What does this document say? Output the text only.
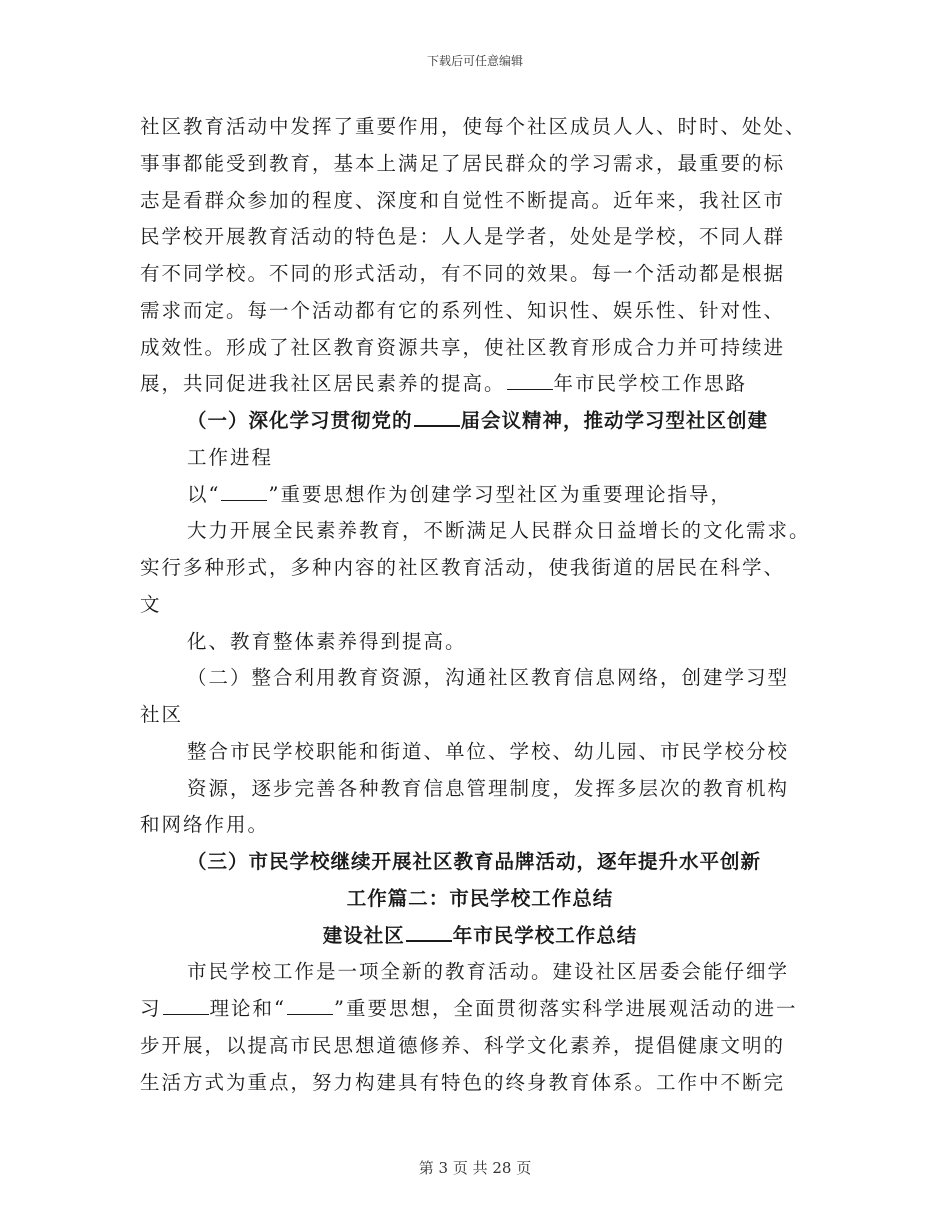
下载后可任意编辑
社区教育活动中发挥了重要作用，使每个社区成员人人、时时、处处、
事事都能受到教育，基本上满足了居民群众的学习需求，最重要的标
志是看群众参加的程度、深度和自觉性不断提高。近年来，我社区市
民学校开展教育活动的特色是：人人是学者，处处是学校，不同人群
有不同学校。不同的形式活动，有不同的效果。每一个活动都是根据
需求而定。每一个活动都有它的系列性、知识性、娱乐性、针对性、
成效性。形成了社区教育资源共享，使社区教育形成合力并可持续进
展，共同促进我社区居民素养的提高。 年市民学校工作思路
（一）深化学习贯彻党的 届会议精神，推动学习型社区创建
工作进程
以“ ”重要思想作为创建学习型社区为重要理论指导，
大力开展全民素养教育，不断满足人民群众日益增长的文化需求。
实行多种形式，多种内容的社区教育活动，使我街道的居民在科学、
文
化、教育整体素养得到提高。
（二）整合利用教育资源，沟通社区教育信息网络，创建学习型
社区
整合市民学校职能和街道、单位、学校、幼儿园、市民学校分校
资源，逐步完善各种教育信息管理制度，发挥多层次的教育机构
和网络作用。
（三）市民学校继续开展社区教育品牌活动，逐年提升水平创新
工作篇二：市民学校工作总结
建设社区 年市民学校工作总结
市民学校工作是一项全新的教育活动。建设社区居委会能仔细学
习 理论和“ ”重要思想，全面贯彻落实科学进展观活动的进一
步开展，以提高市民思想道德修养、科学文化素养，提倡健康文明的
生活方式为重点，努力构建具有特色的终身教育体系。工作中不断完
第 3 页 共 28 页
